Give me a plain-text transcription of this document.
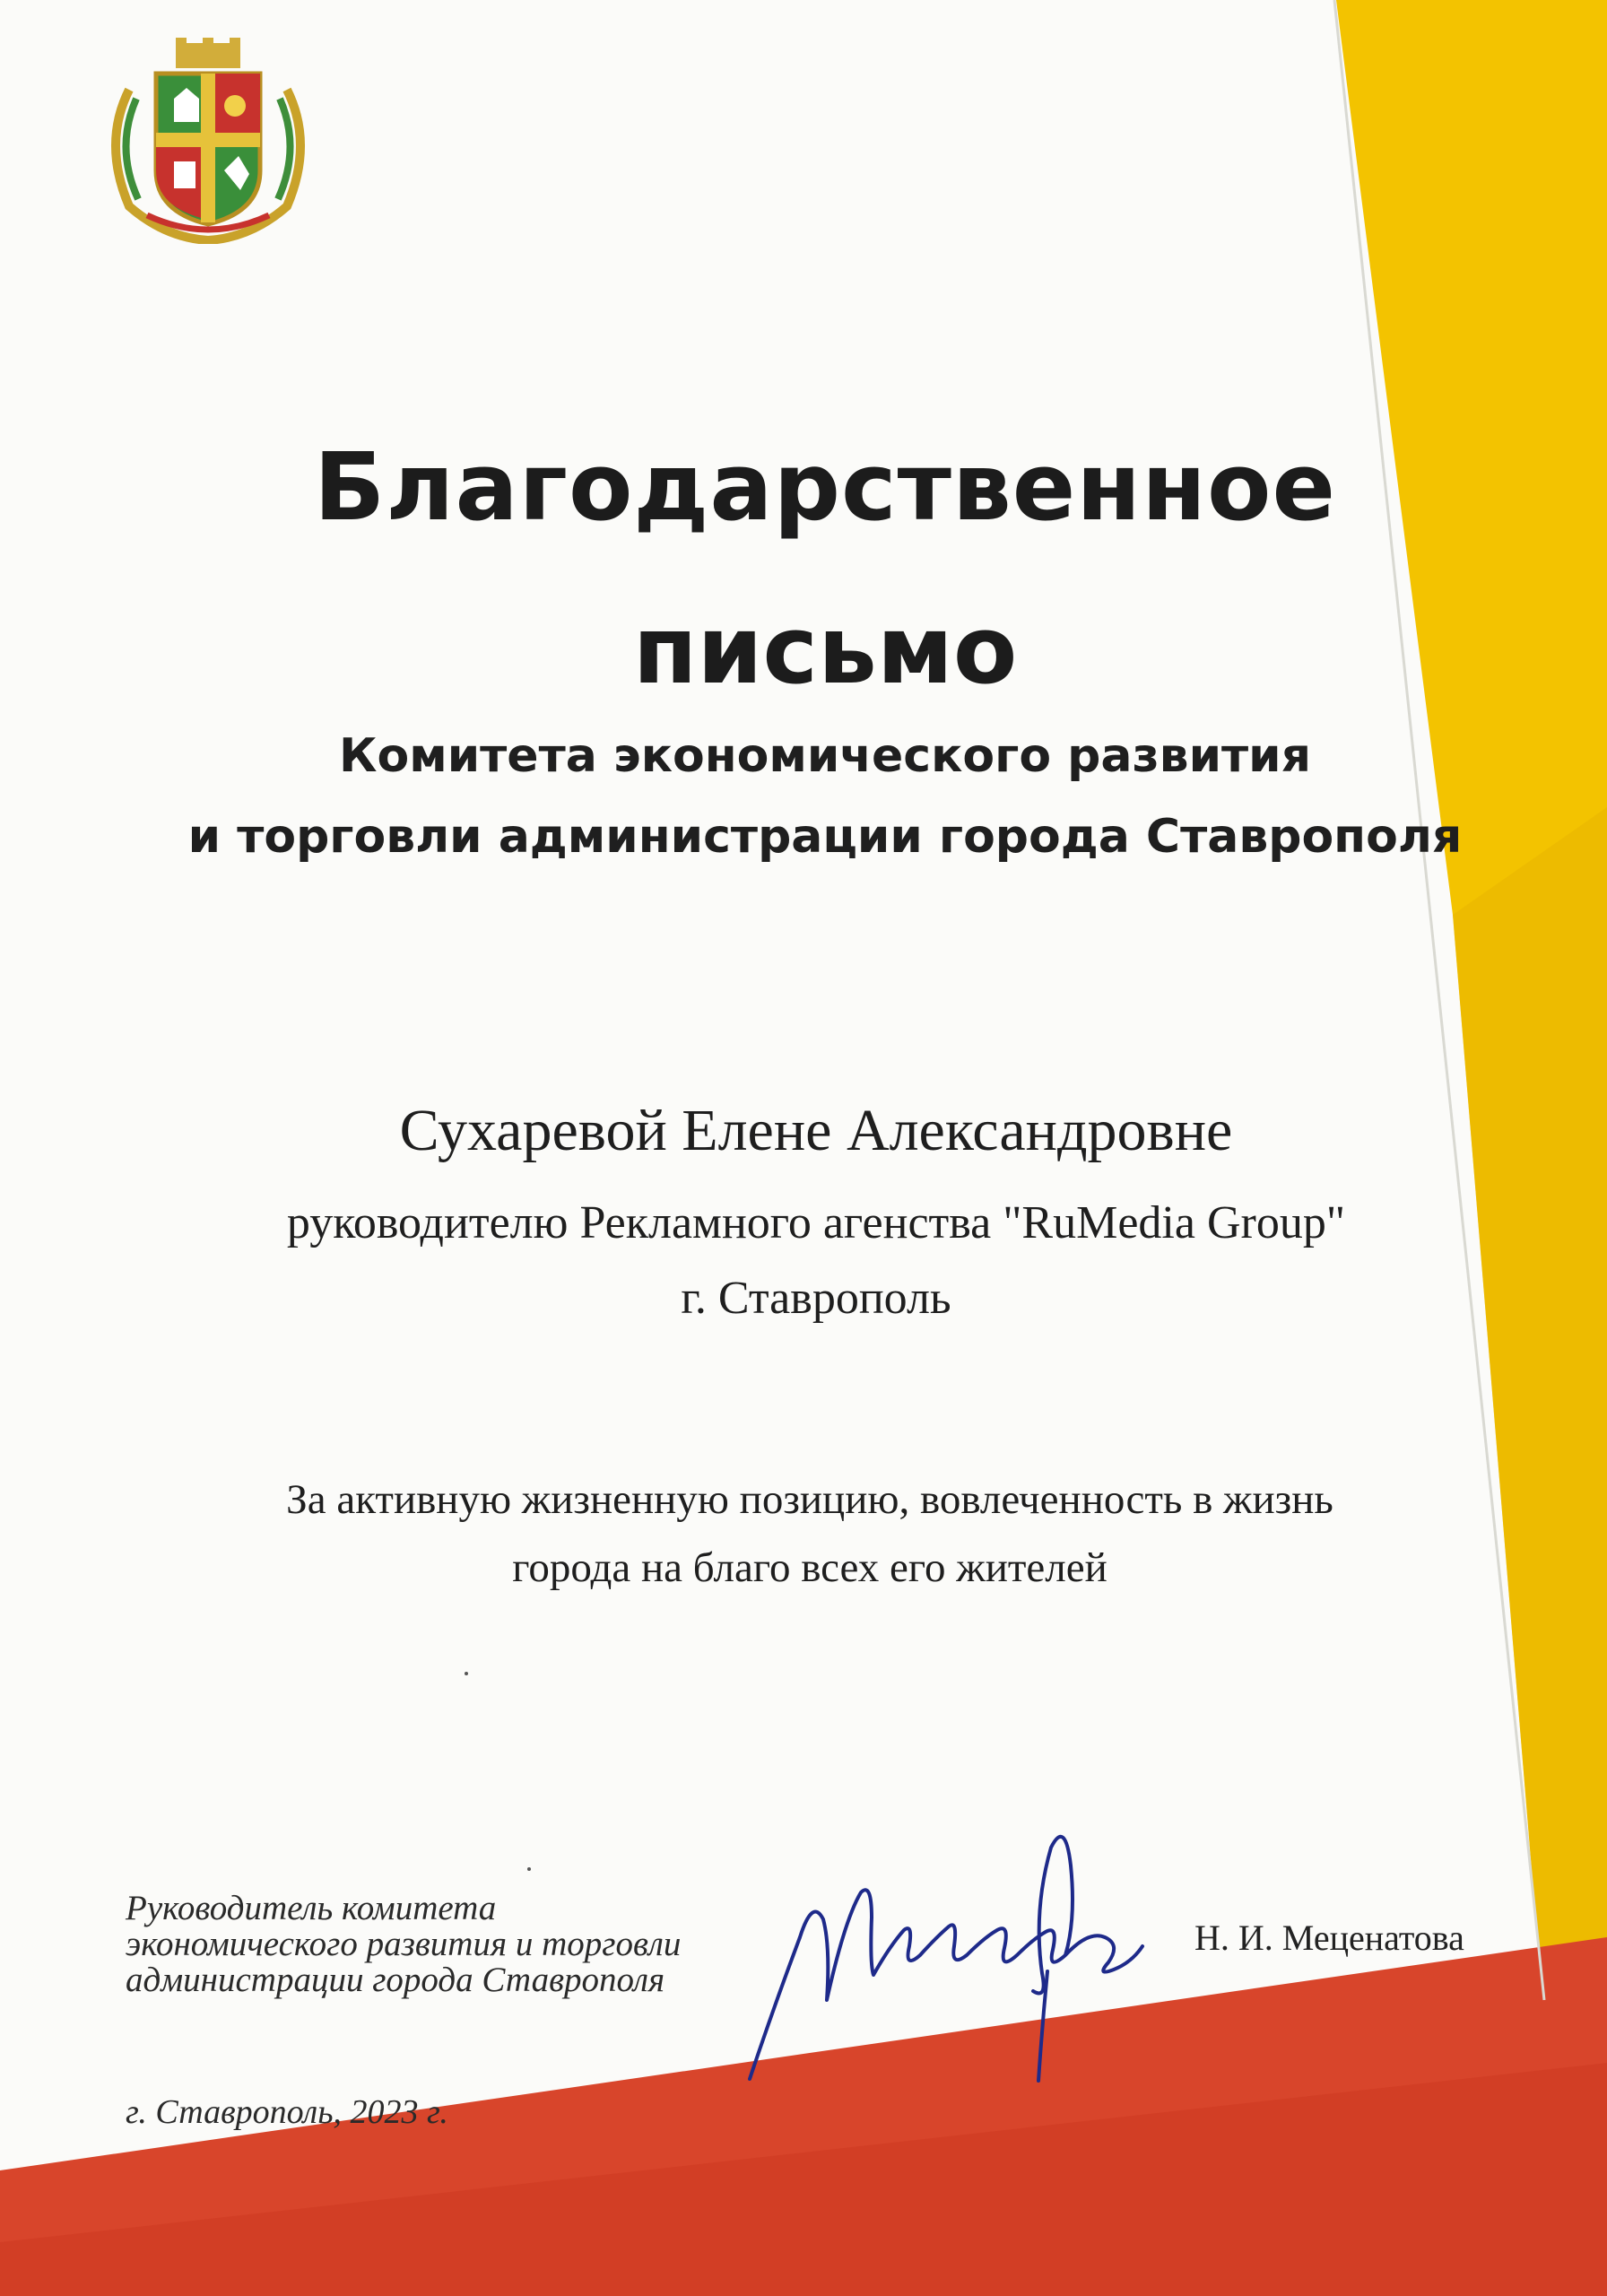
Благодарственное
письмо
Комитета экономического развития
и торговли администрации города Ставрополя
Сухаревой Елене Александровне
руководителю Рекламного агенства "RuMedia Group"
г. Ставрополь
За активную жизненную позицию, вовлеченность в жизнь
города на благо всех его жителей
Руководитель комитета
экономического развития и торговли
администрации города Ставрополя
Н. И. Меценатова
г. Ставрополь, 2023 г.
